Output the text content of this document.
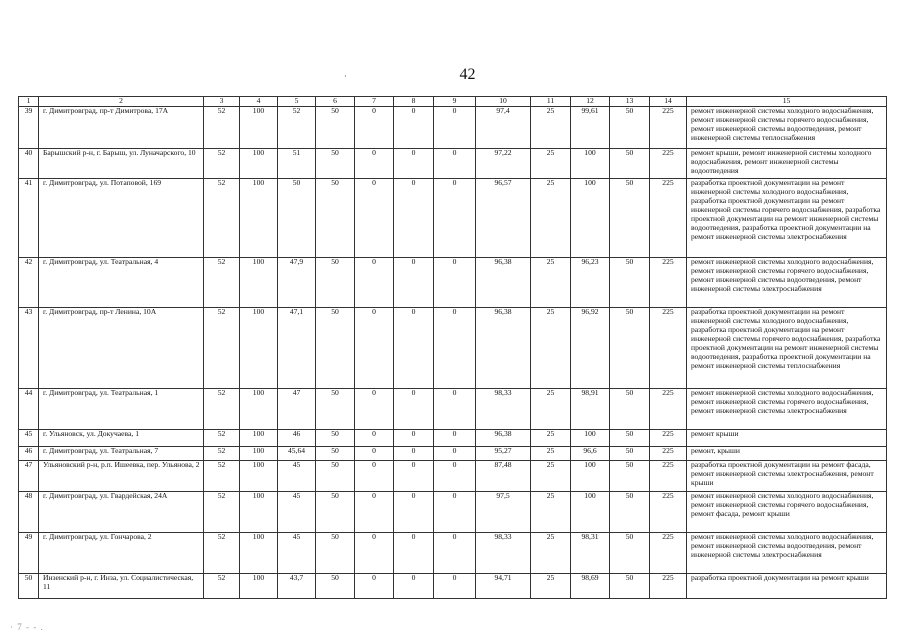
42
·
1	2	3	4	5	6	7	8	9	10	11	12	13	14	15
39	г. Димитровград, пр-т Димитрова, 17А	52	100	52	50	0	0	0	97,4	25	99,61	50	225	ремонт инженерной системы холодного водоснабжения, ремонт инженерной системы горячего водоснабжения, ремонт инженерной системы водоотведения, ремонт инженерной системы теплоснабжения
40	Барышский р-н, г. Барыш, ул. Луначарского, 10	52	100	51	50	0	0	0	97,22	25	100	50	225	ремонт крыши, ремонт инженерной системы холодного водоснабжения, ремонт инженерной системы водоотведения
41	г. Димитровград, ул. Потаповой, 169	52	100	50	50	0	0	0	96,57	25	100	50	225	разработка проектной документации на ремонт инженерной системы холодного водоснабжения, разработка проектной документации на ремонт инженерной системы горячего водоснабжения, разработка проектной документации на ремонт инженерной системы водоотведения, разработка проектной документации на ремонт инженерной системы электроснабжения
42	г. Димитровград, ул. Театральная, 4	52	100	47,9	50	0	0	0	96,38	25	96,23	50	225	ремонт инженерной системы холодного водоснабжения, ремонт инженерной системы горячего водоснабжения, ремонт инженерной системы водоотведения, ремонт инженерной системы электроснабжения
43	г. Димитровград, пр-т Ленина, 10А	52	100	47,1	50	0	0	0	96,38	25	96,92	50	225	разработка проектной документации на ремонт инженерной системы холодного водоснабжения, разработка проектной документации на ремонт инженерной системы горячего водоснабжения, разработка проектной документации на ремонт инженерной системы водоотведения, разработка проектной документации на ремонт инженерной системы теплоснабжения
44	г. Димитровград, ул. Театральная, 1	52	100	47	50	0	0	0	98,33	25	98,91	50	225	ремонт инженерной системы холодного водоснабжения, ремонт инженерной системы горячего водоснабжения, ремонт инженерной системы электроснабжения
45	г. Ульяновск, ул. Докучаева, 1	52	100	46	50	0	0	0	96,38	25	100	50	225	ремонт крыши
46	г. Димитровград, ул. Театральная, 7	52	100	45,64	50	0	0	0	95,27	25	96,6	50	225	ремонт, крыши
47	Ульяновский р-н, р.п. Ишеевка, пер. Ульянова, 2	52	100	45	50	0	0	0	87,48	25	100	50	225	разработка проектной документации на ремонт фасада, ремонт инженерной системы электроснабжения, ремонт крыши
48	г. Димитровград, ул. Гвардейская, 24А	52	100	45	50	0	0	0	97,5	25	100	50	225	ремонт инженерной системы холодного водоснабжения, ремонт инженерной системы горячего водоснабжения, ремонт фасада, ремонт крыши
49	г. Димитровград, ул. Гончарова, 2	52	100	45	50	0	0	0	98,33	25	98,31	50	225	ремонт инженерной системы холодного водоснабжения, ремонт инженерной системы водоотведения, ремонт инженерной системы электроснабжения
50	Инзенский р-н, г. Инза, ул. Социалистическая, 11	52	100	43,7	50	0	0	0	94,71	25	98,69	50	225	разработка проектной документации на ремонт крыши
· 7 - - .
